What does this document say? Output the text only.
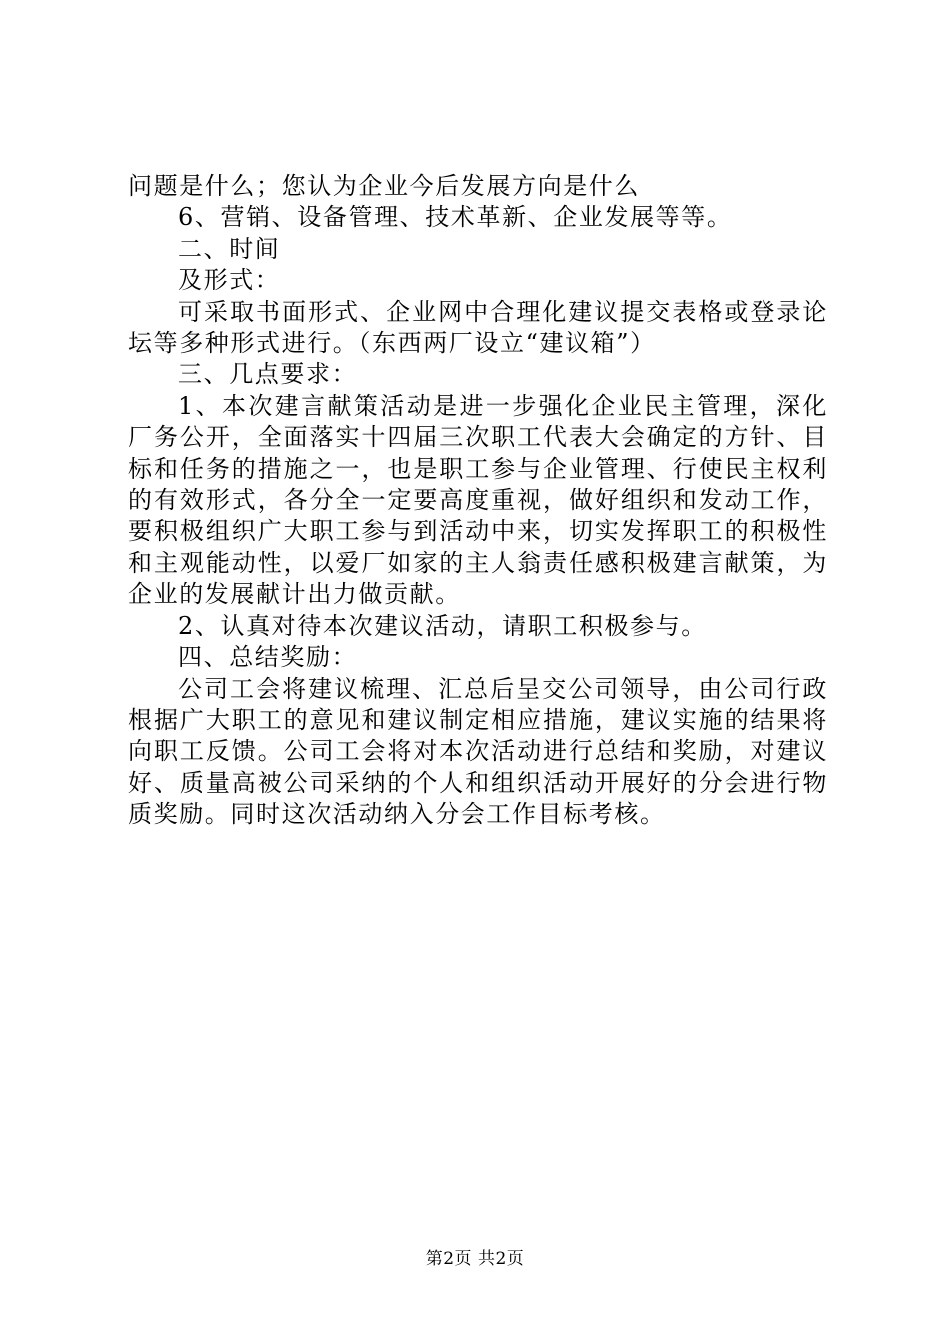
问题是什么；您认为企业今后发展方向是什么

6、营销、设备管理、技术革新、企业发展等等。

二、时间

及形式：

可采取书面形式、企业网中合理化建议提交表格或登录论坛等多种形式进行。（东西两厂设立“建议箱”）

三、几点要求：

1、本次建言献策活动是进一步强化企业民主管理，深化厂务公开，全面落实十四届三次职工代表大会确定的方针、目标和任务的措施之一，也是职工参与企业管理、行使民主权利的有效形式，各分全一定要高度重视，做好组织和发动工作，要积极组织广大职工参与到活动中来，切实发挥职工的积极性和主观能动性，以爱厂如家的主人翁责任感积极建言献策，为企业的发展献计出力做贡献。

2、认真对待本次建议活动，请职工积极参与。

四、总结奖励：

公司工会将建议梳理、汇总后呈交公司领导，由公司行政根据广大职工的意见和建议制定相应措施，建议实施的结果将向职工反馈。公司工会将对本次活动进行总结和奖励，对建议好、质量高被公司采纳的个人和组织活动开展好的分会进行物质奖励。同时这次活动纳入分会工作目标考核。

第2页 共2页
